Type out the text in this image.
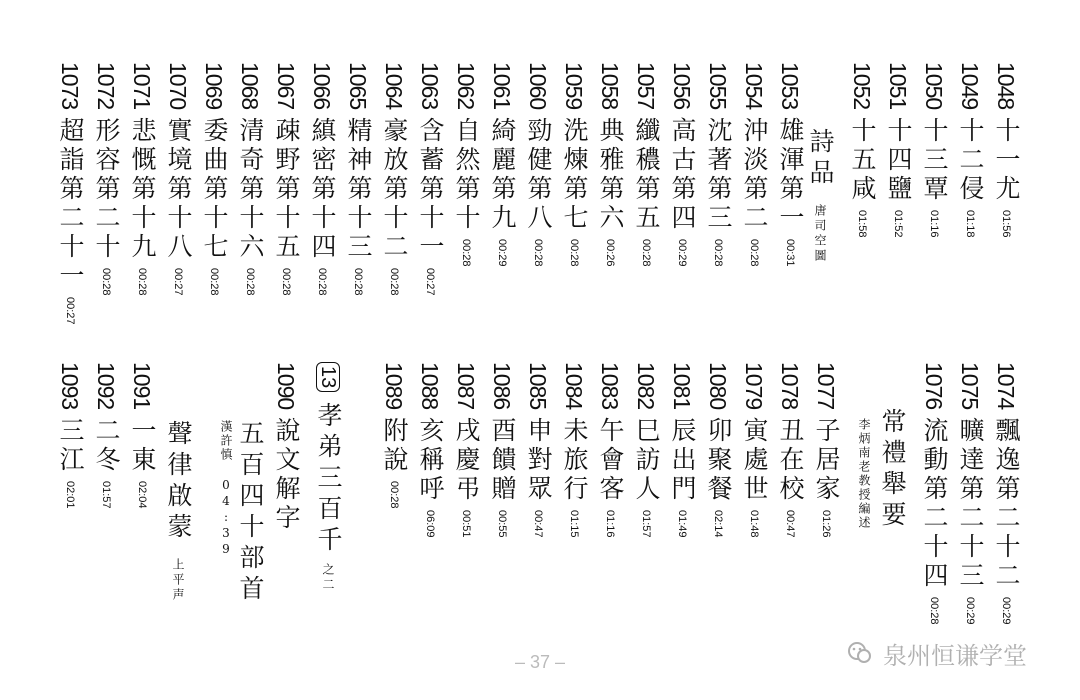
1048十一尤01:56
1049十二侵01:18
1050十三覃01:16
1051十四鹽01:52
1052十五咸01:58
1053雄渾第一00:31
1054沖淡第二00:28
1055沈著第三00:28
1056高古第四00:29
1057纖穠第五00:28
1058典雅第六00:26
1059洗煉第七00:28
1060勁健第八00:28
1061綺麗第九00:29
1062自然第十00:28
1063含蓄第十一00:27
1064豪放第十二00:28
1065精神第十三00:28
1066縝密第十四00:28
1067疎野第十五00:28
1068清奇第十六00:28
1069委曲第十七00:28
1070實境第十八00:27
1071悲慨第十九00:28
1072形容第二十00:28
1073超詣第二十一00:27
1074飄逸第二十二00:29
1075曠達第二十三00:29
1076流動第二十四00:28
1077子居家01:26
1078丑在校00:47
1079寅處世01:48
1080卯聚餐02:14
1081辰出門01:49
1082巳訪人01:57
1083午會客01:16
1084未旅行01:15
1085申對眾00:47
1086酉饋贈00:55
1087戌慶弔00:51
1088亥稱呼06:09
1089附說00:28
1090說文解字
1091一東02:04
1092二冬01:57
1093三江02:01
詩品唐司空圖
常禮舉要
五百四十部首
聲律啟蒙上平声
李炳南老教授編述
漢許慎 04:39
13孝弟三百千之二
– 37 –	泉州恒谦学堂
